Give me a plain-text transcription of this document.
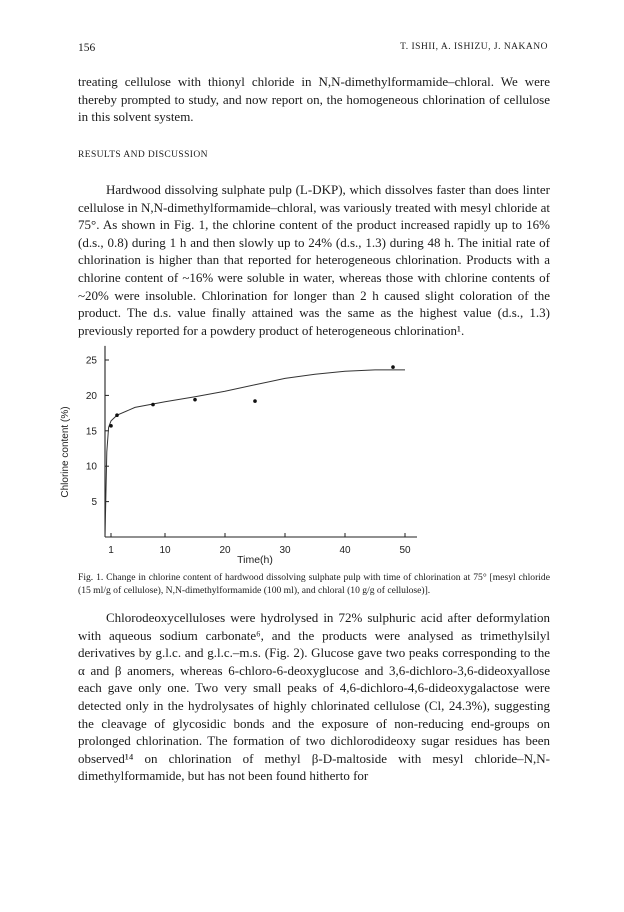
156	T. ISHII, A. ISHIZU, J. NAKANO

treating cellulose with thionyl chloride in N,N-dimethylformamide–chloral. We were thereby prompted to study, and now report on, the homogeneous chlorination of cellulose in this solvent system.

RESULTS AND DISCUSSION

Hardwood dissolving sulphate pulp (L-DKP), which dissolves faster than does linter cellulose in N,N-dimethylformamide–chloral, was variously treated with mesyl chloride at 75°. As shown in Fig. 1, the chlorine content of the product increased rapidly up to 16% (d.s., 0.8) during 1 h and then slowly up to 24% (d.s., 1.3) during 48 h. The initial rate of chlorination is higher than that reported for heterogeneous chlorination. Products with a chlorine content of ~16% were soluble in water, whereas those with chlorine contents of ~20% were insoluble. Chlorination for longer than 2 h caused slight coloration of the product. The d.s. value finally attained was the same as the highest value (d.s., 1.3) previously reported for a powdery product of heterogeneous chlorination¹.

5
10
15
20
25
1	10	20	30	40	50
Time(h)
Chlorine content (%)

Fig. 1. Change in chlorine content of hardwood dissolving sulphate pulp with time of chlorination at 75° [mesyl chloride (15 ml/g of cellulose), N,N-dimethylformamide (100 ml), and chloral (10 g/g of cellulose)].

Chlorodeoxycelluloses were hydrolysed in 72% sulphuric acid after deformylation with aqueous sodium carbonate⁶, and the products were analysed as trimethylsilyl derivatives by g.l.c. and g.l.c.–m.s. (Fig. 2). Glucose gave two peaks corresponding to the α and β anomers, whereas 6-chloro-6-deoxyglucose and 3,6-dichloro-3,6-dideoxyallose each gave only one. Two very small peaks of 4,6-dichloro-4,6-dideoxygalactose were detected only in the hydrolysates of highly chlorinated cellulose (Cl, 24.3%), suggesting the cleavage of glycosidic bonds and the exposure of non-reducing end-groups on prolonged chlorination. The formation of two dichlorodideoxy sugar residues has been observed¹⁴ on chlorination of methyl β-D-maltoside with mesyl chloride–N,N-dimethylformamide, but has not been found hitherto for
